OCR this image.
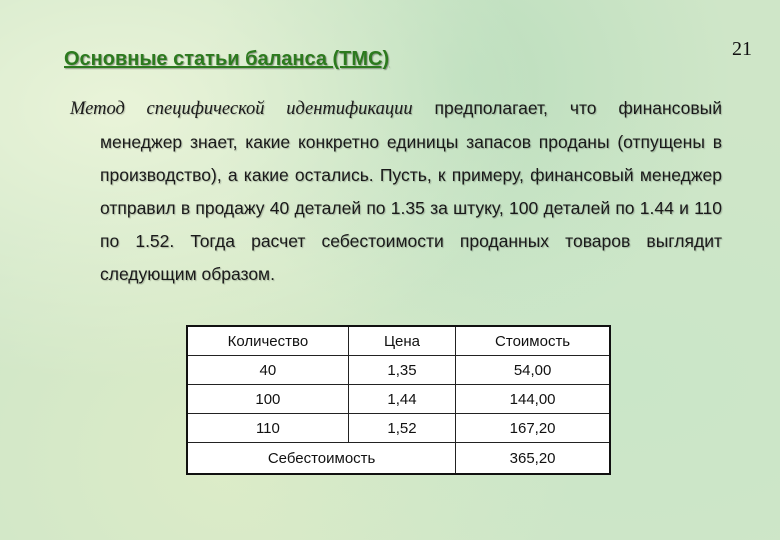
21
Основные статьи баланса (ТМС)
Метод специфической идентификации предполагает, что финансовый менеджер знает, какие конкретно единицы запасов проданы (отпущены в производство), а какие остались. Пусть, к примеру, финансовый менеджер отправил в продажу 40 деталей по 1.35 за штуку, 100 деталей по 1.44 и 110 по 1.52. Тогда расчет себестоимости проданных товаров выглядит следующим образом.
Количество	Цена	Стоимость
40	1,35	54,00
100	1,44	144,00
110	1,52	167,20
Себестоимость		365,20
